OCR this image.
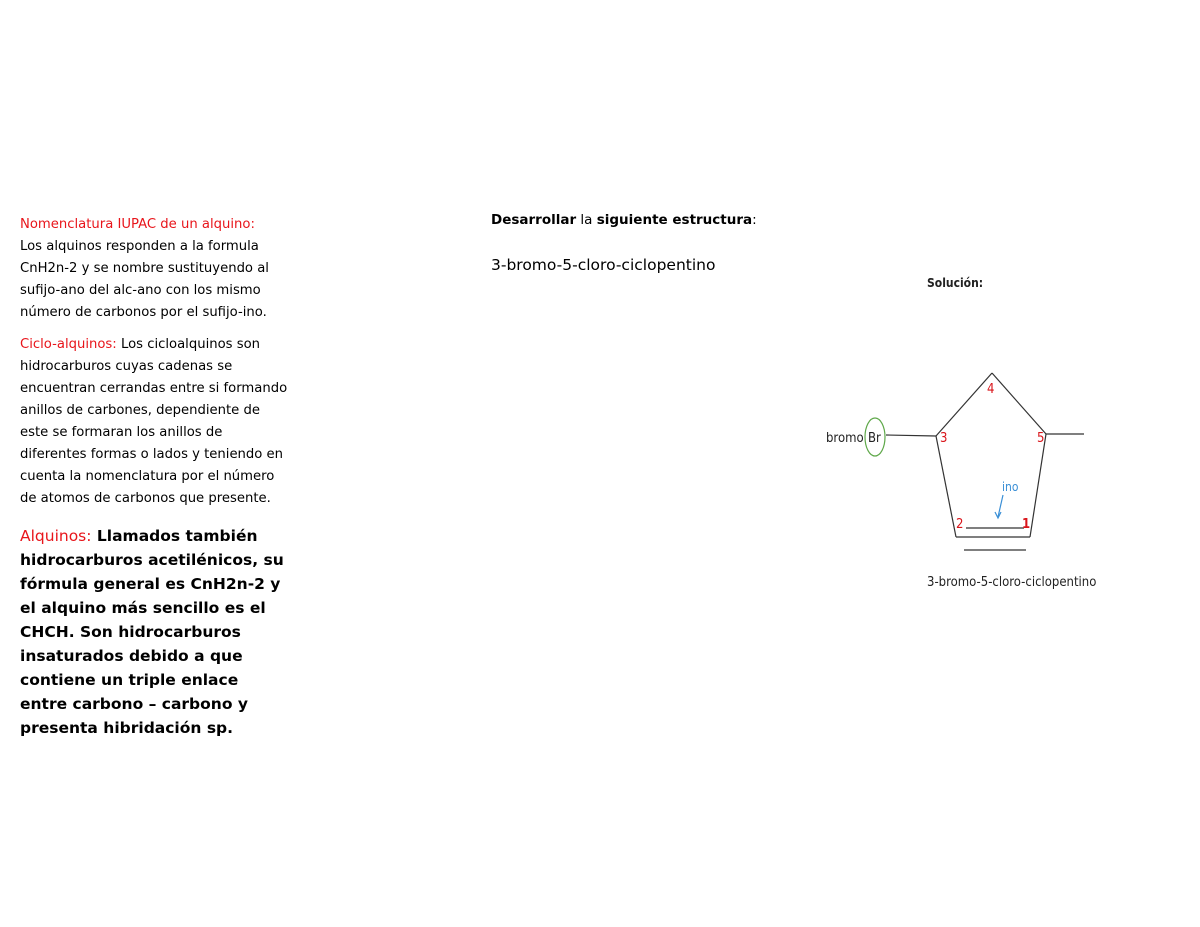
Nomenclatura IUPAC de un alquino:
Los alquinos responden a la formula CnH2n-2 y se nombre sustituyendo al sufijo-ano del alc-ano con los mismo número de carbonos por el sufijo-ino.

Ciclo-alquinos: Los cicloalquinos son hidrocarburos cuyas cadenas se encuentran cerrandas entre si formando anillos de carbones, dependiente de este se formaran los anillos de diferentes formas o lados y teniendo en cuenta la nomenclatura por el número de atomos de carbonos que presente.

Alquinos: Llamados también hidrocarburos acetilénicos, su fórmula general es CnH2n-2 y el alquino más sencillo es el CHCH. Son hidrocarburos insaturados debido a que contiene un triple enlace entre carbono – carbono y presenta hibridación sp.

Desarrollar la siguiente estructura:
3-bromo-5-cloro-ciclopentino
Solución:
bromo Br
4
3	5
2	1
ino
3-bromo-5-cloro-ciclopentino
